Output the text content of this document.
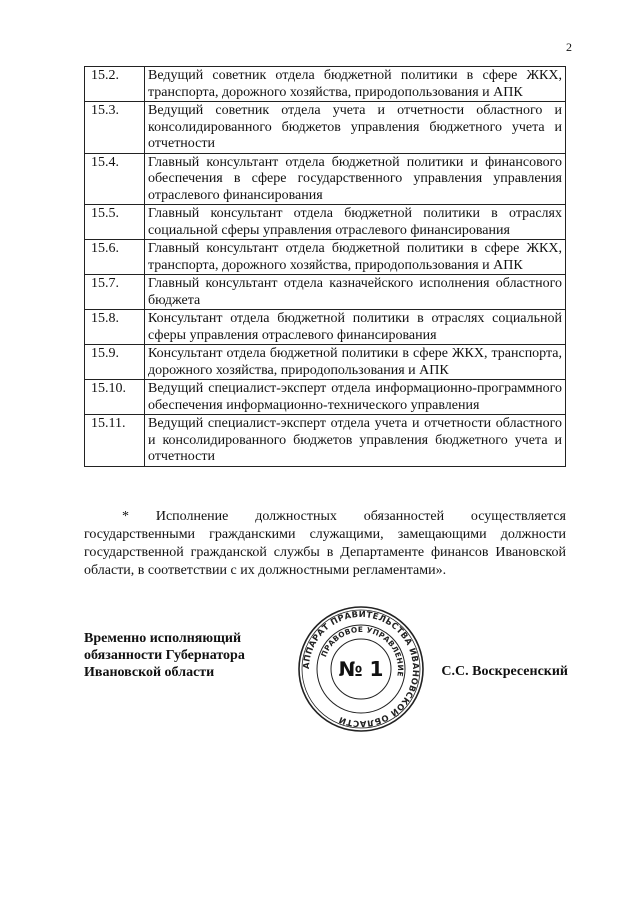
2
15.2.	Ведущий советник отдела бюджетной политики в сфере ЖКХ, транспорта, дорожного хозяйства, природопользования и АПК
15.3.	Ведущий советник отдела учета и отчетности областного и консолидированного бюджетов управления бюджетного учета и отчетности
15.4.	Главный консультант отдела бюджетной политики и финансового обеспечения в сфере государственного управления управления отраслевого финансирования
15.5.	Главный консультант отдела бюджетной политики в отраслях социальной сферы управления отраслевого финансирования
15.6.	Главный консультант отдела бюджетной политики в сфере ЖКХ, транспорта, дорожного хозяйства, природопользования и АПК
15.7.	Главный консультант отдела казначейского исполнения областного бюджета
15.8.	Консультант отдела бюджетной политики в отраслях социальной сферы управления отраслевого финансирования
15.9.	Консультант отдела бюджетной политики в сфере ЖКХ, транспорта, дорожного хозяйства, природопользования и АПК
15.10.	Ведущий специалист-эксперт отдела информационно-программного обеспечения информационно-технического управления
15.11.	Ведущий специалист-эксперт отдела учета и отчетности областного и консолидированного бюджетов управления бюджетного учета и отчетности
* Исполнение должностных обязанностей осуществляется государственными гражданскими служащими, замещающими должности государственной гражданской службы в Департаменте финансов Ивановской области, в соответствии с их должностными регламентами».
Временно исполняющий
обязанности Губернатора
Ивановской области	АППАРАТ ПРАВИТЕЛЬСТВА ИВАНОВСКОЙ ОБЛАСТИ
ПРАВОВОЕ УПРАВЛЕНИЕ
№ 1	С.С. Воскресенский
